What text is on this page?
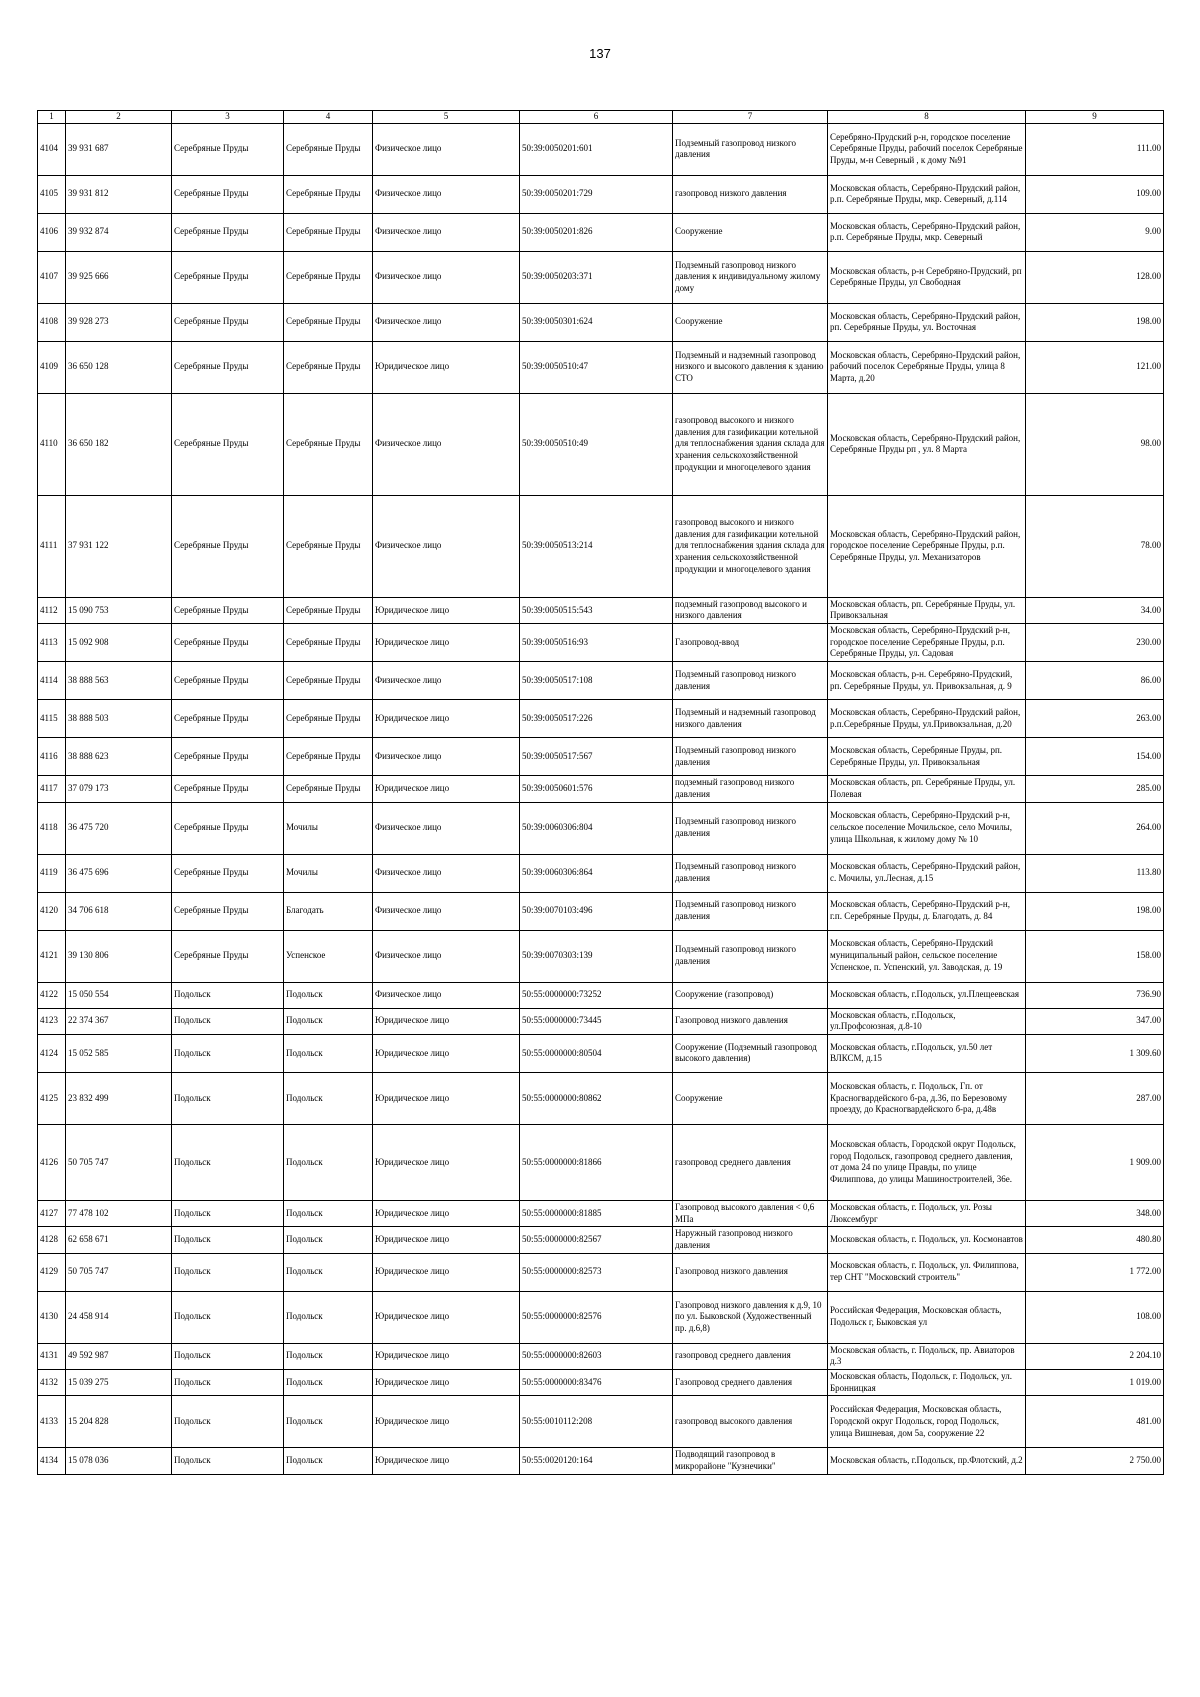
137
1	2	3	4	5	6	7	8	9
4104	39 931 687	Серебряные Пруды	Серебряные Пруды	Физическое лицо	50:39:0050201:601	Подземный газопровод низкого давления	Серебряно-Прудский р-н, городское поселение Серебряные Пруды, рабочий поселок Серебряные Пруды, м-н Северный , к дому №91	111.00
4105	39 931 812	Серебряные Пруды	Серебряные Пруды	Физическое лицо	50:39:0050201:729	газопровод низкого давления	Московская область, Серебряно-Прудский район, р.п. Серебряные Пруды, мкр. Северный, д.114	109.00
4106	39 932 874	Серебряные Пруды	Серебряные Пруды	Физическое лицо	50:39:0050201:826	Сооружение	Московская область, Серебряно-Прудский район, р.п. Серебряные Пруды, мкр. Северный	9.00
4107	39 925 666	Серебряные Пруды	Серебряные Пруды	Физическое лицо	50:39:0050203:371	Подземный газопровод низкого давления к индивидуальному жилому дому	Московская область, р-н Серебряно-Прудский, рп Серебряные Пруды, ул Свободная	128.00
4108	39 928 273	Серебряные Пруды	Серебряные Пруды	Физическое лицо	50:39:0050301:624	Сооружение	Московская область, Серебряно-Прудский район, рп. Серебряные Пруды, ул. Восточная	198.00
4109	36 650 128	Серебряные Пруды	Серебряные Пруды	Юридическое лицо	50:39:0050510:47	Подземный и надземный газопровод низкого и высокого давления к зданию СТО	Московская область, Серебряно-Прудский район, рабочий поселок Серебряные Пруды, улица 8 Марта, д.20	121.00
4110	36 650 182	Серебряные Пруды	Серебряные Пруды	Физическое лицо	50:39:0050510:49	газопровод высокого и низкого давления для газификации котельной для теплоснабжения здания склада для хранения сельскохозяйственной продукции и многоцелевого здания	Московская область, Серебряно-Прудский район, Серебряные Пруды рп , ул. 8 Марта	98.00
4111	37 931 122	Серебряные Пруды	Серебряные Пруды	Физическое лицо	50:39:0050513:214	газопровод высокого и низкого давления для газификации котельной для теплоснабжения здания склада для хранения сельскохозяйственной продукции и многоцелевого здания	Московская область, Серебряно-Прудский район, городское поселение Серебряные Пруды, р.п. Серебряные Пруды, ул. Механизаторов	78.00
4112	15 090 753	Серебряные Пруды	Серебряные Пруды	Юридическое лицо	50:39:0050515:543	подземный газопровод высокого и низкого давления	Московская область, рп. Серебряные Пруды, ул. Привокзальная	34.00
4113	15 092 908	Серебряные Пруды	Серебряные Пруды	Юридическое лицо	50:39:0050516:93	Газопровод-ввод	Московская область, Серебряно-Прудский р-н, городское поселение Серебряные Пруды, р.п. Серебряные Пруды, ул. Садовая	230.00
4114	38 888 563	Серебряные Пруды	Серебряные Пруды	Физическое лицо	50:39:0050517:108	Подземный газопровод низкого давления	Московская область, р-н. Серебряно-Прудский, рп. Серебряные Пруды, ул. Привокзальная, д. 9	86.00
4115	38 888 503	Серебряные Пруды	Серебряные Пруды	Юридическое лицо	50:39:0050517:226	Подземный и надземный газопровод низкого давления	Московская область, Серебряно-Прудский район, р.п.Серебряные Пруды, ул.Привокзальная, д.20	263.00
4116	38 888 623	Серебряные Пруды	Серебряные Пруды	Физическое лицо	50:39:0050517:567	Подземный газопровод низкого давления	Московская область, Серебряные Пруды, рп. Серебряные Пруды, ул. Привокзальная	154.00
4117	37 079 173	Серебряные Пруды	Серебряные Пруды	Юридическое лицо	50:39:0050601:576	подземный газопровод низкого давления	Московская область, рп. Серебряные Пруды, ул. Полевая	285.00
4118	36 475 720	Серебряные Пруды	Мочилы	Физическое лицо	50:39:0060306:804	Подземный газопровод низкого давления	Московская область, Серебряно-Прудский р-н, сельское поселение Мочильское, село Мочилы, улица Школьная, к жилому дому № 10	264.00
4119	36 475 696	Серебряные Пруды	Мочилы	Физическое лицо	50:39:0060306:864	Подземный газопровод низкого давления	Московская область, Серебряно-Прудский район, с. Мочилы, ул.Лесная, д.15	113.80
4120	34 706 618	Серебряные Пруды	Благодать	Физическое лицо	50:39:0070103:496	Подземный газопровод низкого давления	Московская область, Серебряно-Прудский р-н, г.п. Серебряные Пруды, д. Благодать, д. 84	198.00
4121	39 130 806	Серебряные Пруды	Успенское	Физическое лицо	50:39:0070303:139	Подземный газопровод низкого давления	Московская область, Серебряно-Прудский муниципальный район, сельское поселение Успенское, п. Успенский, ул. Заводская, д. 19	158.00
4122	15 050 554	Подольск	Подольск	Физическое лицо	50:55:0000000:73252	Сооружение (газопровод)	Московская область, г.Подольск, ул.Плещеевская	736.90
4123	22 374 367	Подольск	Подольск	Юридическое лицо	50:55:0000000:73445	Газопровод низкого давления	Московская область, г.Подольск, ул.Профсоюзная, д.8-10	347.00
4124	15 052 585	Подольск	Подольск	Юридическое лицо	50:55:0000000:80504	Сооружение (Подземный газопровод высокого давления)	Московская область, г.Подольск, ул.50 лет ВЛКСМ, д.15	1 309.60
4125	23 832 499	Подольск	Подольск	Юридическое лицо	50:55:0000000:80862	Сооружение	Московская область, г. Подольск, Гп. от Красногвардейского б-ра, д.36, по Березовому проезду, до Красногвардейского б-ра, д.48в	287.00
4126	50 705 747	Подольск	Подольск	Юридическое лицо	50:55:0000000:81866	газопровод среднего давления	Московская область, Городской округ Подольск, город Подольск, газопровод среднего давления, от дома 24 по улице Правды, по улице Филиппова, до улицы Машиностроителей, 36е.	1 909.00
4127	77 478 102	Подольск	Подольск	Юридическое лицо	50:55:0000000:81885	Газопровод высокого давления < 0,6 МПа	Московская область, г. Подольск, ул. Розы Люксембург	348.00
4128	62 658 671	Подольск	Подольск	Юридическое лицо	50:55:0000000:82567	Наружный газопровод низкого давления	Московская область, г. Подольск, ул. Космонавтов	480.80
4129	50 705 747	Подольск	Подольск	Юридическое лицо	50:55:0000000:82573	Газопровод низкого давления	Московская область, г. Подольск, ул. Филиппова, тер СНТ "Московский строитель"	1 772.00
4130	24 458 914	Подольск	Подольск	Юридическое лицо	50:55:0000000:82576	Газопровод низкого давления к д.9, 10 по ул. Быковской (Художественный пр. д.6,8)	Российская Федерация, Московская область, Подольск г, Быковская ул	108.00
4131	49 592 987	Подольск	Подольск	Юридическое лицо	50:55:0000000:82603	газопровод среднего давления	Московская область, г. Подольск, пр. Авиаторов д.3	2 204.10
4132	15 039 275	Подольск	Подольск	Юридическое лицо	50:55:0000000:83476	Газопровод среднего давления	Московская область, Подольск, г. Подольск, ул. Бронницкая	1 019.00
4133	15 204 828	Подольск	Подольск	Юридическое лицо	50:55:0010112:208	газопровод высокого давления	Российская Федерация, Московская область, Городской округ Подольск, город Подольск, улица Вишневая, дом 5а, сооружение 22	481.00
4134	15 078 036	Подольск	Подольск	Юридическое лицо	50:55:0020120:164	Подводящий газопровод в микрорайоне "Кузнечики"	Московская область, г.Подольск, пр.Флотский, д.2	2 750.00
